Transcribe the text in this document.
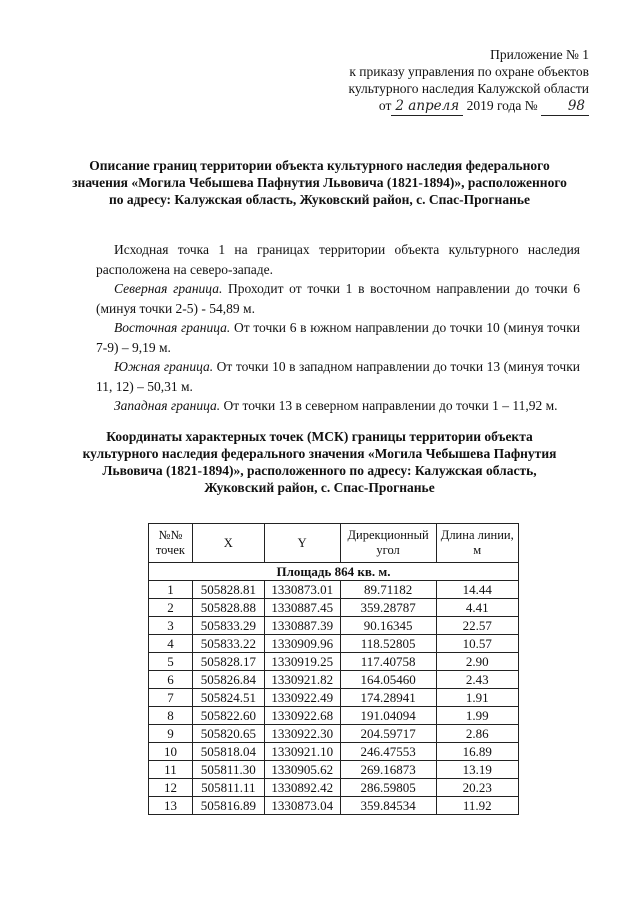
Приложение № 1
к приказу управления по охране объектов
культурного наследия Калужской области
от 2 апреля 2019 года № 98
Описание границ территории объекта культурного наследия федерального
значения «Могила Чебышева Пафнутия Львовича (1821-1894)», расположенного
по адресу: Калужская область, Жуковский район, с. Спас-Прогнанье

Исходная точка 1 на границах территории объекта культурного наследия расположена на северо-западе.

Северная граница. Проходит от точки 1 в восточном направлении до точки 6 (минуя точки 2-5) - 54,89 м.

Восточная граница. От точки 6 в южном направлении до точки 10 (минуя точки 7-9) – 9,19 м.

Южная граница. От точки 10 в западном направлении до точки 13 (минуя точки 11, 12) – 50,31 м.

Западная граница. От точки 13 в северном направлении до точки 1 – 11,92 м.

Координаты характерных точек (МСК) границы территории объекта
культурного наследия федерального значения «Могила Чебышева Пафнутия
Львовича (1821-1894)», расположенного по адресу: Калужская область,
Жуковский район, с. Спас-Прогнанье
№№ точек	X	Y	Дирекционный угол	Длина линии, м
Площадь 864 кв. м.				
1	505828.81	1330873.01	89.71182	14.44
2	505828.88	1330887.45	359.28787	4.41
3	505833.29	1330887.39	90.16345	22.57
4	505833.22	1330909.96	118.52805	10.57
5	505828.17	1330919.25	117.40758	2.90
6	505826.84	1330921.82	164.05460	2.43
7	505824.51	1330922.49	174.28941	1.91
8	505822.60	1330922.68	191.04094	1.99
9	505820.65	1330922.30	204.59717	2.86
10	505818.04	1330921.10	246.47553	16.89
11	505811.30	1330905.62	269.16873	13.19
12	505811.11	1330892.42	286.59805	20.23
13	505816.89	1330873.04	359.84534	11.92
